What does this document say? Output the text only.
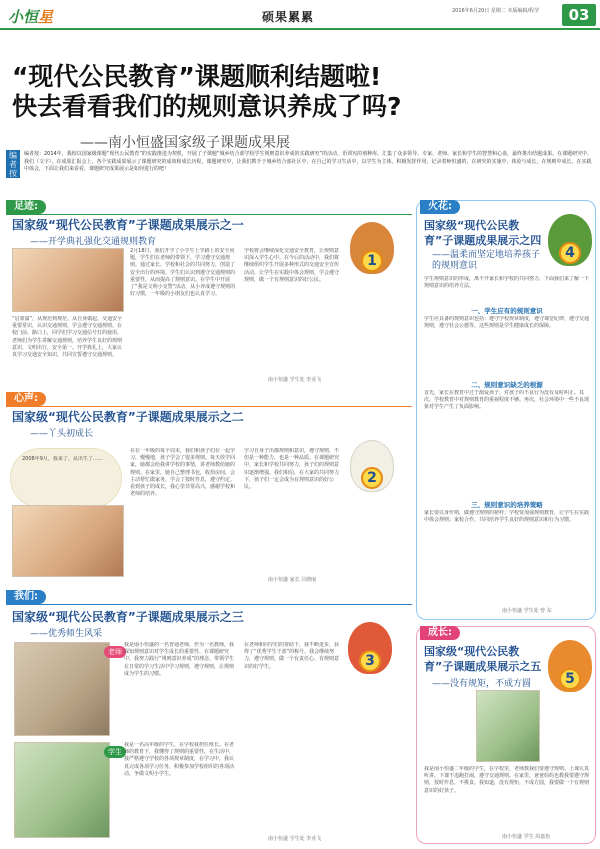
小恒星	硕果累累	2016年6月20日 星期二 本版编辑/程莹	03
“现代公民教育”课题顺利结题啦!
快去看看我们的规则意识养成了吗?
——南小恒盛国家级子课题成果展
编者按
编者按：2014年，我校以国家级课题“现代公民教育”的实践推进为契机，开展了子课题“城乡结合部学校学生规则意识养成的实践研究”的活动，语训宪的剂种库，汇集了众多领导、专家、老师、家长和学生的智慧和心血，最终推出结题成果。在课题研究中，我们（文字），在成果汇报会上，各个实践成果展示了课题研究的成效和成长历程。课题研究中，让我们携手于城乡结合部社区中，在自己的学习生活中，以学生为主体，积极发挥作用，记录着师恒盛的，在研究的实施中，体验与成长，在规则中成长，在实践中体会，下面让我们来看看，课题研究成果展示是如何进行的吧！
足迹:
国家级“现代公民教育”子课题成果展示之一
——开学典礼强化交通规则教育
“启蒙篇”，从规范到规范，从自身做起。交通安全重要常识，认识交通规则，学会遵守交通规则。在校门前、路口上，同学们学习交通信号灯的使用，老师们为学生讲解交通规则，培养学生良好的规则意识，文明出行，安全第一。开学典礼上，大家认真学习交通安全知识，共同宣誓遵守交通规则。
2月18日，我们开学了小学生上学路上的安全问题，学生们在老师的带领下，学习遵守交通规则。通过家长、学校和社会的共同努力，创造了安全出行的环境。学生们认识到遵守交通规则的重要性，从而提高了规则意识。在学生中开展了“我是文明小交警”活动，从小养成遵守规则的好习惯，一年级的小朋友们也认真学习。
学校将会继续深化交通安全教育，让规则意识深入学生心中。在今后的活动中，我们将继续组织学生开展多种形式的交通安全宣传活动，让学生在实践中体会规则，学会遵守规则，做一个有规则意识的好公民。
南小恒盛 学生处 李业飞
1
心声:
国家级“现代公民教育”子课题成果展示之二
——丫头初成长
2008年9月，我来了。从出生了……
在在一年级的每个周末，我们和孩子们在一起学习，慢慢地，孩子学会了很多规则。每天放学回家，她都会给我讲学校的事情，讲老师教给她的规则。在家里，她自己整理书包，收拾房间，会主动帮忙做家务，学会了按时作息，遵守约定。看到孩子的成长，我心里非常高兴，感谢学校和老师的培养。
学习自身子出都规则和意识，遵守规则，不但是一种能力，也是一种品质。在课题研究中，家长和学校共同努力，孩子们的规则意识逐渐增强。我们相信，在大家的共同努力下，孩子们一定会成为有规则意识的好公民。
南小恒盛 家长 吕晓丽
2
我们:
国家级“现代公民教育”子课题成果展示之三
——优秀师生风采
老师
学生
我是南小恒盛的一名普通老师，作为一名教师，我深知规则意识对学生成长的重要性。在课题研究中，我努力践行“规则意识养成”的理念，带领学生在日常的学习生活中学习规则，遵守规则，让规则成为学生的习惯。
我是一名高年级的学生，在学校我担任班长。在老师的教育下，我懂得了规则的重要性，在生活中，我严格遵守学校的各项规章制度，在学习中，我认真完成各项学习任务，积极参加学校组织的各项活动，争做文明小学生。
在老师和同学们的帮助下，我不断进步，获得了“优秀学生干部”的称号。我会继续努力，遵守规则，做一个有责任心、有规则意识的好学生。
南小恒盛 学生处 李业飞
3
火花:
国家级“现代公民教育”子课题成果展示之四
——温柔而坚定地培养孩子的规则意识
4
学生规则意识的形成，离不开家长和学校的共同努力，下面我们来了解一下规则意识的培养方法。
一、学生应有的规则意识
学生应具备的规则意识包括：遵守学校规章制度，遵守课堂纪律，遵守交通规则，遵守社会公德等。这些规则是学生健康成长的保障。
二、规则意识缺乏的根源
首先，家长在教育中过于溺爱孩子，对孩子的不良行为没有及时纠正。其次，学校教育中对规则教育的重视程度不够。再次，社会环境中一些不良现象对学生产生了负面影响。
三、规则意识的培养策略
家长要以身作则，做遵守规则的榜样；学校要加强规则教育，让学生在实践中体会规则；家校合作，共同培养学生良好的规则意识和行为习惯。
南小恒盛 学生处 曾 东
成长:
国家级“现代公民教育”子课题成果展示之五
——没有规矩，不成方圆	5
我是南小恒盛二年级的学生，在学校里，老师教我们要遵守规则。上课认真听讲，下课不追跑打闹，遵守交通规则。在家里，爸爸妈妈也教我要遵守规则，按时作息，不挑食。我知道，没有规矩，不成方圆，我要做一个有规则意识的好孩子。
南小恒盛 学生 周嘉怡
